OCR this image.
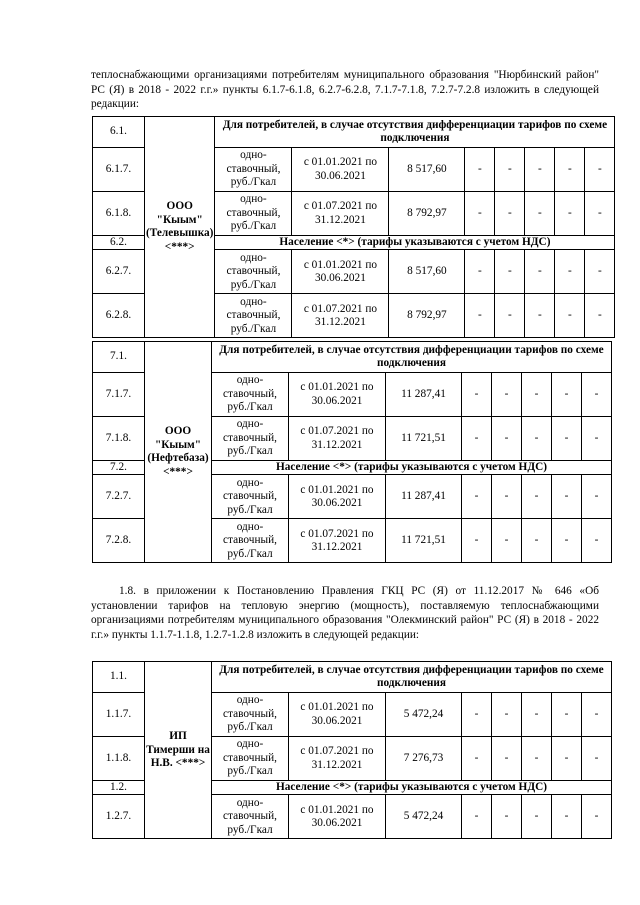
теплоснабжающими организациями потребителям муниципального образования "Нюрбинский район" РС (Я) в 2018 - 2022 г.г.» пункты 6.1.7-6.1.8, 6.2.7-6.2.8, 7.1.7-7.1.8, 7.2.7-7.2.8 изложить в следующей редакции:

6.1.	ООО "Кыым" (Телевышка) <***>	Для потребителей, в случае отсутствия дифференциации тарифов по схеме подключения							
6.1.7.		одно-ставочный, руб./Гкал	с 01.01.2021 по 30.06.2021	8 517,60	-	-	-	-	-
6.1.8.		одно-ставочный, руб./Гкал	с 01.07.2021 по 31.12.2021	8 792,97	-	-	-	-	-
6.2.		Население <*> (тарифы указываются с учетом НДС)							
6.2.7.		одно-ставочный, руб./Гкал	с 01.01.2021 по 30.06.2021	8 517,60	-	-	-	-	-
6.2.8.		одно-ставочный, руб./Гкал	с 01.07.2021 по 31.12.2021	8 792,97	-	-	-	-	-
7.1.	ООО "Кыым" (Нефтебаза) <***>	Для потребителей, в случае отсутствия дифференциации тарифов по схеме подключения							
7.1.7.		одно-ставочный, руб./Гкал	с 01.01.2021 по 30.06.2021	11 287,41	-	-	-	-	-
7.1.8.		одно-ставочный, руб./Гкал	с 01.07.2021 по 31.12.2021	11 721,51	-	-	-	-	-
7.2.		Население <*> (тарифы указываются с учетом НДС)							
7.2.7.		одно-ставочный, руб./Гкал	с 01.01.2021 по 30.06.2021	11 287,41	-	-	-	-	-
7.2.8.		одно-ставочный, руб./Гкал	с 01.07.2021 по 31.12.2021	11 721,51	-	-	-	-	-

1.8. в приложении к Постановлению Правления ГКЦ РС (Я) от 11.12.2017 № 646 «Об установлении тарифов на тепловую энергию (мощность), поставляемую теплоснабжающими организациями потребителям муниципального образования "Олекминский район" РС (Я) в 2018 - 2022 г.г.» пункты 1.1.7-1.1.8, 1.2.7-1.2.8 изложить в следующей редакции:

1.1.	ИП Тимерши на Н.В. <***>	Для потребителей, в случае отсутствия дифференциации тарифов по схеме подключения							
1.1.7.		одно-ставочный, руб./Гкал	с 01.01.2021 по 30.06.2021	5 472,24	-	-	-	-	-
1.1.8.		одно-ставочный, руб./Гкал	с 01.07.2021 по 31.12.2021	7 276,73	-	-	-	-	-
1.2.		Население <*> (тарифы указываются с учетом НДС)							
1.2.7.		одно-ставочный, руб./Гкал	с 01.01.2021 по 30.06.2021	5 472,24	-	-	-	-	-
